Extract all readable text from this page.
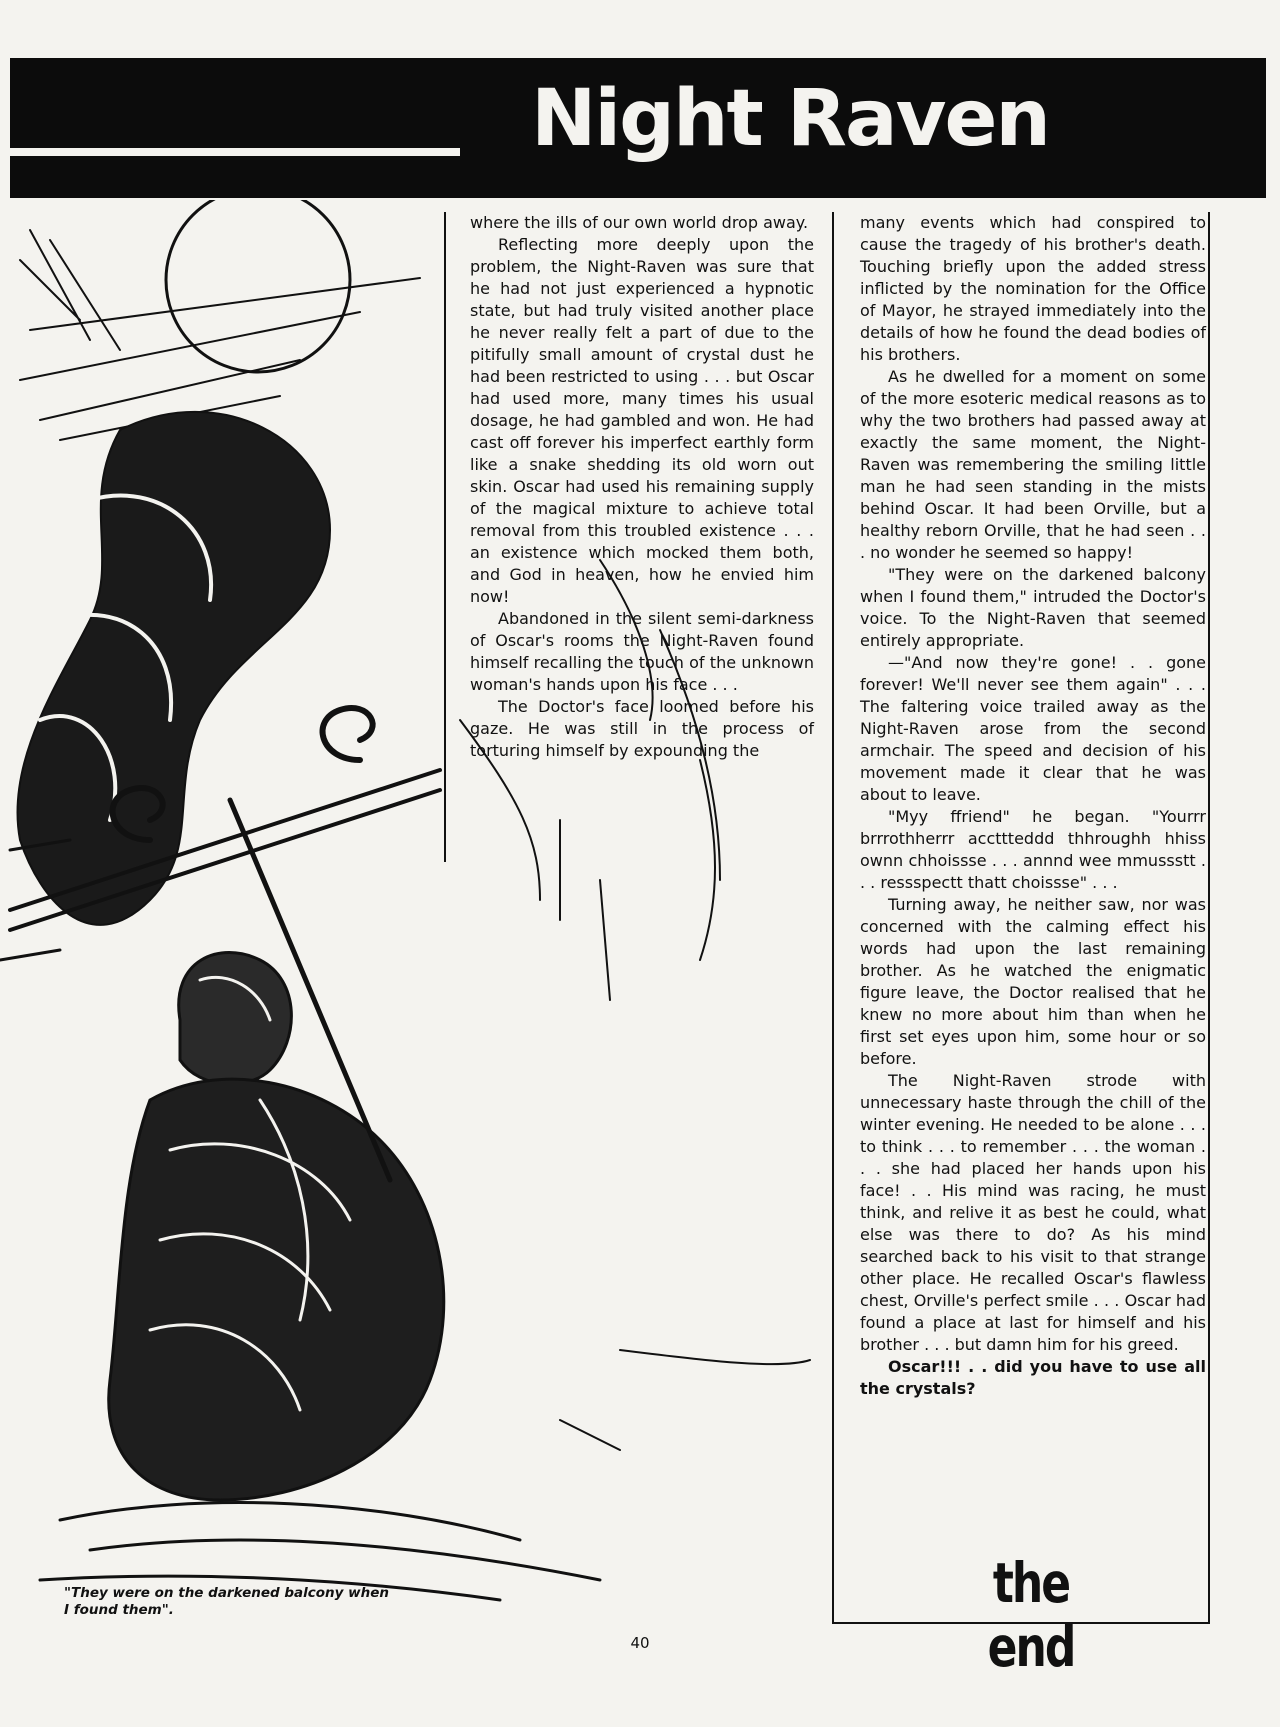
Night Raven
"They were on the darkened balcony when I found them".

where the ills of our own world drop away.

Reflecting more deeply upon the problem, the Night-Raven was sure that he had not just experienced a hypnotic state, but had truly visited another place he never really felt a part of due to the pitifully small amount of crystal dust he had been restricted to using . . . but Oscar had used more, many times his usual dosage, he had gambled and won. He had cast off forever his imperfect earthly form like a snake shedding its old worn out skin. Oscar had used his remaining supply of the magical mixture to achieve total removal from this troubled existence . . . an existence which mocked them both, and God in heaven, how he envied him now!

Abandoned in the silent semi-darkness of Oscar's rooms the Night-Raven found himself recalling the touch of the unknown woman's hands upon his face . . .

The Doctor's face loomed before his gaze. He was still in the process of torturing himself by expounding the

many events which had conspired to cause the tragedy of his brother's death. Touching briefly upon the added stress inflicted by the nomination for the Office of Mayor, he strayed immediately into the details of how he found the dead bodies of his brothers.

As he dwelled for a moment on some of the more esoteric medical reasons as to why the two brothers had passed away at exactly the same moment, the Night-Raven was remembering the smiling little man he had seen standing in the mists behind Oscar. It had been Orville, but a healthy reborn Orville, that he had seen . . . no wonder he seemed so happy!

"They were on the darkened balcony when I found them," intruded the Doctor's voice. To the Night-Raven that seemed entirely appropriate.

—"And now they're gone! . . gone forever! We'll never see them again" . . . The faltering voice trailed away as the Night-Raven arose from the second armchair. The speed and decision of his movement made it clear that he was about to leave.

"Myy ffriend" he began. "Yourrr brrrothherrr accttteddd thhroughh hhiss ownn chhoissse . . . annnd wee mmussstt . . . ressspectt thatt choissse" . . .

Turning away, he neither saw, nor was concerned with the calming effect his words had upon the last remaining brother. As he watched the enigmatic figure leave, the Doctor realised that he knew no more about him than when he first set eyes upon him, some hour or so before.

The Night-Raven strode with unnecessary haste through the chill of the winter evening. He needed to be alone . . . to think . . . to remember . . . the woman . . . she had placed her hands upon his face! . . His mind was racing, he must think, and relive it as best he could, what else was there to do? As his mind searched back to his visit to that strange other place. He recalled Oscar's flawless chest, Orville's perfect smile . . . Oscar had found a place at last for himself and his brother . . . but damn him for his greed.

Oscar!!! . . did you have to use all the crystals?

the end
40
